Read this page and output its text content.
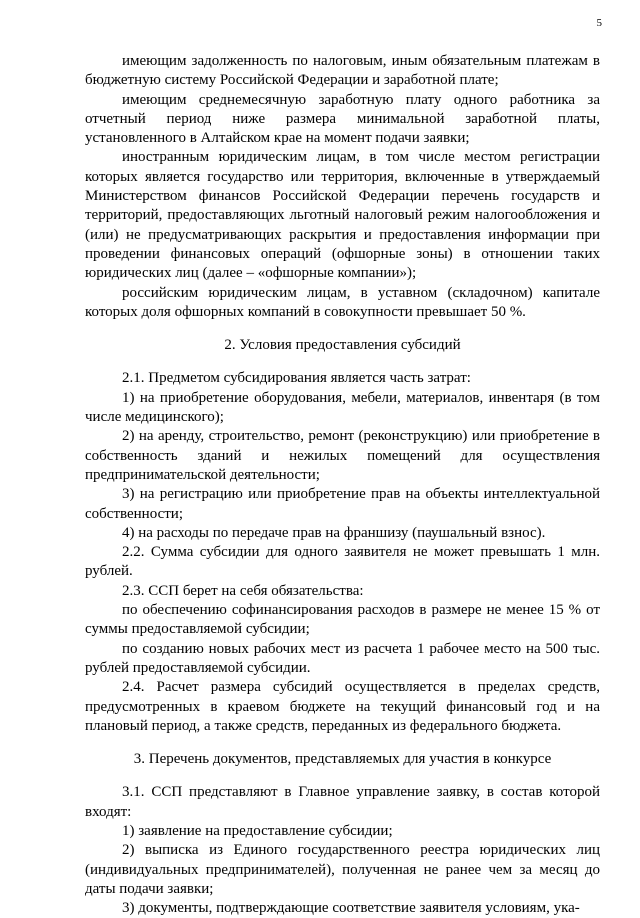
5

имеющим задолженность по налоговым, иным обязательным платежам в бюджетную систему Российской Федерации и заработной плате;

имеющим среднемесячную заработную плату одного работника за отчетный период ниже размера минимальной заработной платы, установленного в Алтайском крае на момент подачи заявки;

иностранным юридическим лицам, в том числе местом регистрации которых является государство или территория, включенные в утверждаемый Министерством финансов Российской Федерации перечень государств и территорий, предоставляющих льготный налоговый режим налогообложения и (или) не предусматривающих раскрытия и предоставления информации при проведении финансовых операций (офшорные зоны) в отношении таких юридических лиц (далее – «офшорные компании»);

российским юридическим лицам, в уставном (складочном) капитале которых доля офшорных компаний в совокупности превышает 50 %.

2. Условия предоставления субсидий

2.1. Предметом субсидирования является часть затрат:

1) на приобретение оборудования, мебели, материалов, инвентаря (в том числе медицинского);

2) на аренду, строительство, ремонт (реконструкцию) или приобретение в собственность зданий и нежилых помещений для осуществления предпринимательской деятельности;

3) на регистрацию или приобретение прав на объекты интеллектуальной собственности;

4) на расходы по передаче прав на франшизу (паушальный взнос).

2.2. Сумма субсидии для одного заявителя не может превышать 1 млн. рублей.

2.3. ССП берет на себя обязательства:

по обеспечению софинансирования расходов в размере не менее 15 % от суммы предоставляемой субсидии;

по созданию новых рабочих мест из расчета 1 рабочее место на 500 тыс. рублей предоставляемой субсидии.

2.4. Расчет размера субсидий осуществляется в пределах средств, предусмотренных в краевом бюджете на текущий финансовый год и на плановый период, а также средств, переданных из федерального бюджета.

3. Перечень документов, представляемых для участия в конкурсе

3.1. ССП представляют в Главное управление заявку, в состав которой входят:

1) заявление на предоставление субсидии;

2) выписка из Единого государственного реестра юридических лиц (индивидуальных предпринимателей), полученная не ранее чем за месяц до даты подачи заявки;

3) документы, подтверждающие соответствие заявителя условиям, ука-
